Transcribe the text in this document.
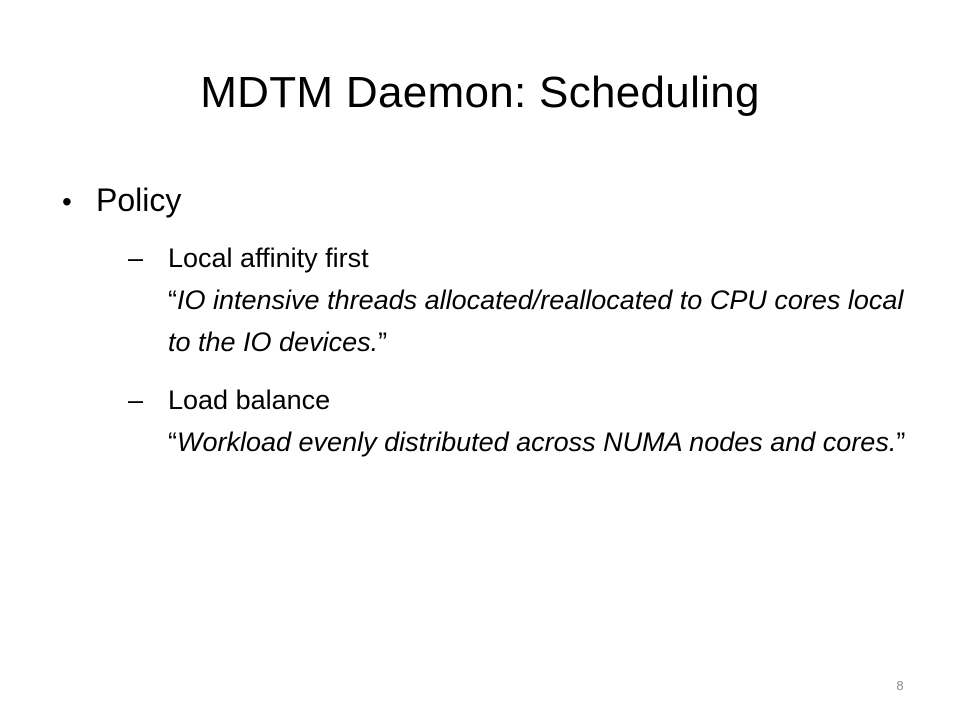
MDTM Daemon: Scheduling
• Policy
– Local affinity first
“IO intensive threads allocated/reallocated to CPU cores local to the IO devices.”
– Load balance
“Workload evenly distributed across NUMA nodes and cores.”
8
